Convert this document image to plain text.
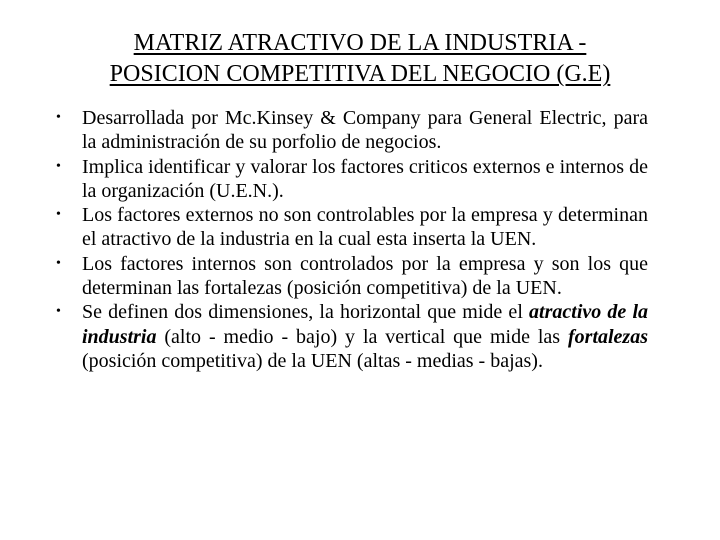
MATRIZ ATRACTIVO DE LA INDUSTRIA -
POSICION COMPETITIVA DEL NEGOCIO (G.E)
• Desarrollada por Mc.Kinsey & Company para General Electric, para la administración de su porfolio de negocios.
• Implica identificar y valorar los factores criticos externos e internos de la organización (U.E.N.).
• Los factores externos no son controlables por la empresa y determinan el atractivo de la industria en la cual esta inserta la UEN.
• Los factores internos son controlados por la empresa y son los que determinan las fortalezas (posición competitiva) de la UEN.
• Se definen dos dimensiones, la horizontal que mide el atractivo de la industria (alto - medio - bajo) y la vertical que mide las fortalezas (posición competitiva) de la UEN (altas - medias - bajas).
